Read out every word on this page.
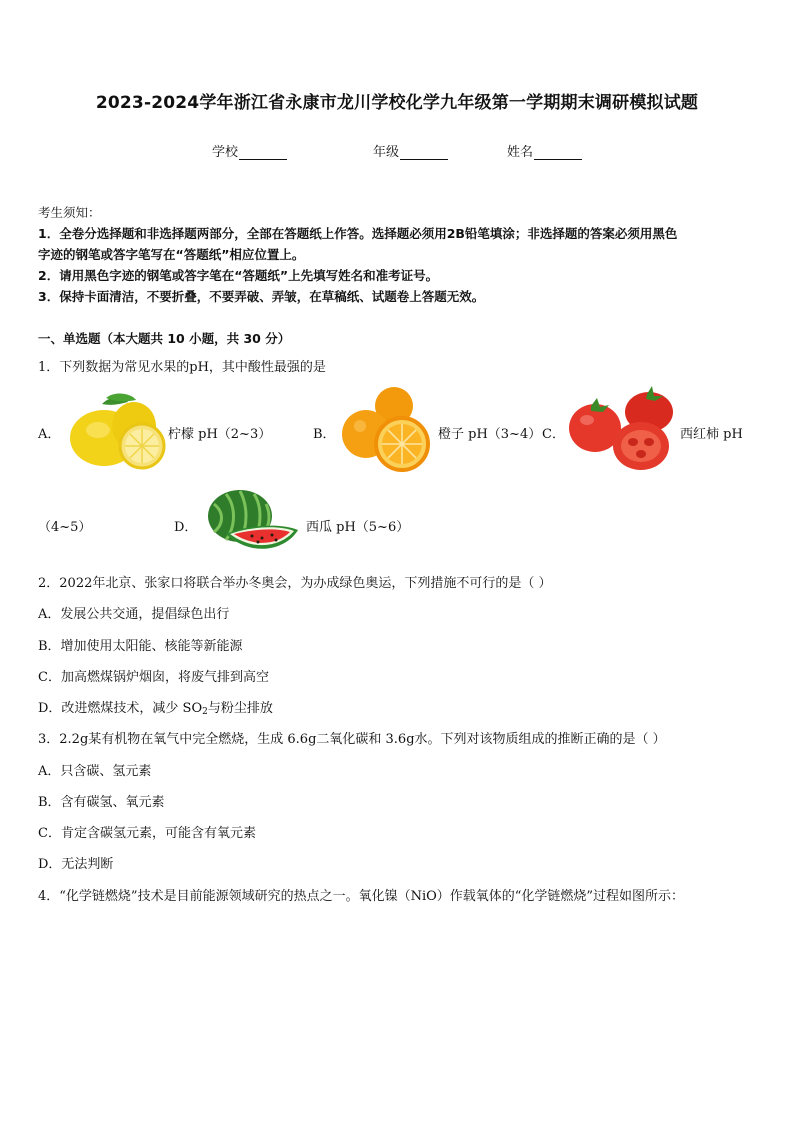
2023-2024学年浙江省永康市龙川学校化学九年级第一学期期末调研模拟试题
学校	年级	姓名
考生须知：
1．全卷分选择题和非选择题两部分，全部在答题纸上作答。选择题必须用2B铅笔填涂；非选择题的答案必须用黑色
字迹的钢笔或答字笔写在“答题纸”相应位置上。
2．请用黑色字迹的钢笔或答字笔在“答题纸”上先填写姓名和准考证号。
3．保持卡面清洁，不要折叠，不要弄破、弄皱，在草稿纸、试题卷上答题无效。
一、单选题（本大题共 10 小题，共 30 分）
1．下列数据为常见水果的pH，其中酸性最强的是
A．	柠檬 pH（2~3）	B．	橙子 pH（3~4） C．	西红柿 pH
（4~5）	D．	西瓜 pH（5~6）
2．2022年北京、张家口将联合举办冬奥会，为办成绿色奥运，下列措施不可行的是（ ）
A．发展公共交通，提倡绿色出行
B．增加使用太阳能、核能等新能源
C．加高燃煤锅炉烟囱，将废气排到高空
D．改进燃煤技术，减少 $SO_2$与粉尘排放
3．2.2g某有机物在氧气中完全燃烧，生成 6.6g二氧化碳和 3.6g水。下列对该物质组成的推断正确的是（ ）
A．只含碳、氢元素
B．含有碳氢、氧元素
C．肯定含碳氢元素，可能含有氧元素
D．无法判断
4．“化学链燃烧”技术是目前能源领域研究的热点之一。氧化镍（NiO）作载氧体的“化学链燃烧”过程如图所示：
